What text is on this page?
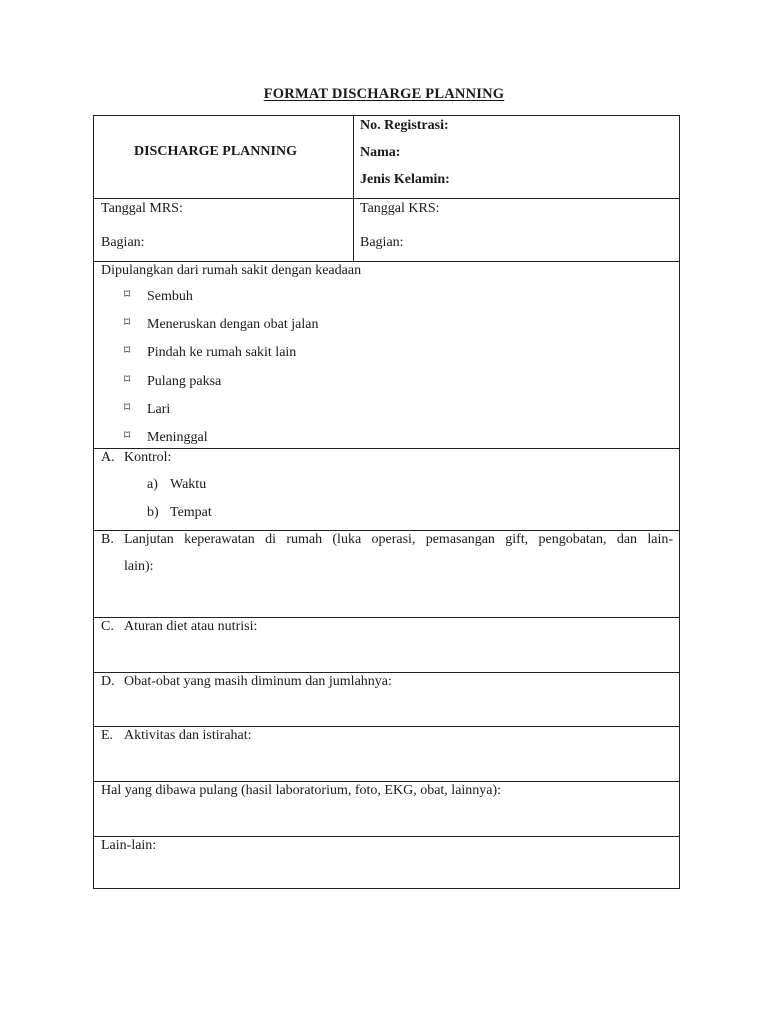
FORMAT DISCHARGE PLANNING
DISCHARGE PLANNING
No. Registrasi:
Nama:
Jenis Kelamin:
Tanggal MRS:
Bagian:
Tanggal KRS:
Bagian:
Dipulangkan dari rumah sakit dengan keadaan
⌑ Sembuh
⌑ Meneruskan dengan obat jalan
⌑ Pindah ke rumah sakit lain
⌑ Pulang paksa
⌑ Lari
⌑ Meninggal
A. Kontrol:
a) Waktu
b) Tempat
B. Lanjutan keperawatan di rumah (luka operasi, pemasangan gift, pengobatan, dan lain-
lain):
C. Aturan diet atau nutrisi:
D. Obat-obat yang masih diminum dan jumlahnya:
E. Aktivitas dan istirahat:
Hal yang dibawa pulang (hasil laboratorium, foto, EKG, obat, lainnya):
Lain-lain:
